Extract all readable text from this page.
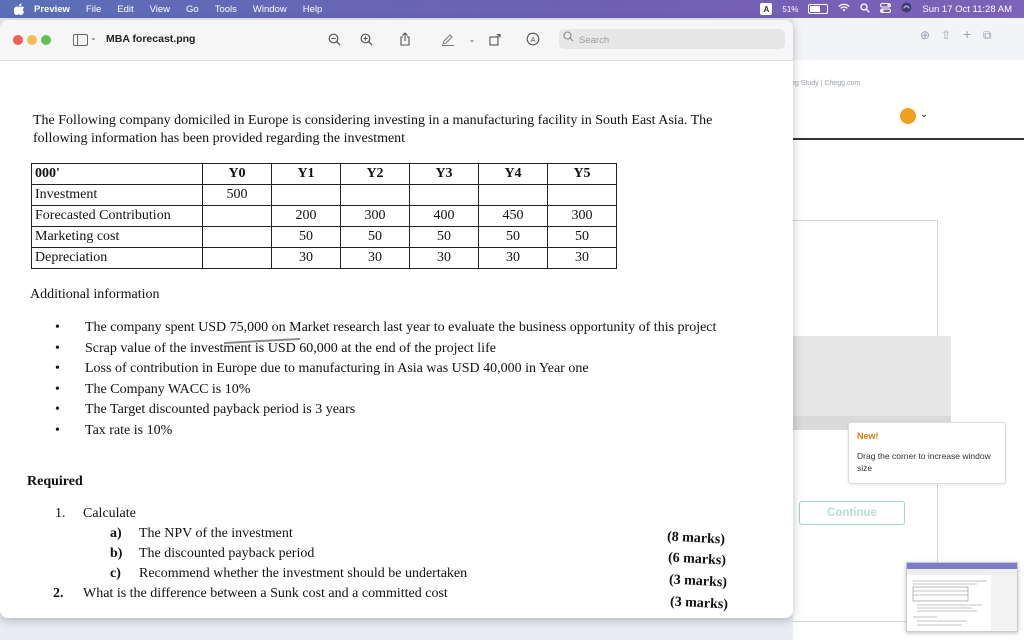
Preview File Edit View Go Tools Window Help	A	51%	Sun 17 Oct 11:28 AM
⊕ ⇧ + ⧉
ıg Study | Chegg.com
⌄
New!
Drag the corner to increase window size
Continue
⌄ MBA forecast.png	⌄	A
Search
The Following company domiciled in Europe is considering investing in a manufacturing facility in South East Asia. The following information has been provided regarding the investment
000'	Y0	Y1	Y2	Y3	Y4	Y5
Investment	500					
Forecasted Contribution		200	300	400	450	300
Marketing cost		50	50	50	50	50
Depreciation		30	30	30	30	30
Additional information
• The company spent USD 75,000 on Market research last year to evaluate the business opportunity of this project
• Scrap value of the investment is USD 60,000 at the end of the project life
• Loss of contribution in Europe due to manufacturing in Asia was USD 40,000 in Year one
• The Company WACC is 10%
• The Target discounted payback period is 3 years
• Tax rate is 10%
Required
1. Calculate
a) The NPV of the investment
b) The discounted payback period
c) Recommend whether the investment should be undertaken
2. What is the difference between a Sunk cost and a committed cost
(8 marks)
(6 marks)
(3 marks)
(3 marks)
